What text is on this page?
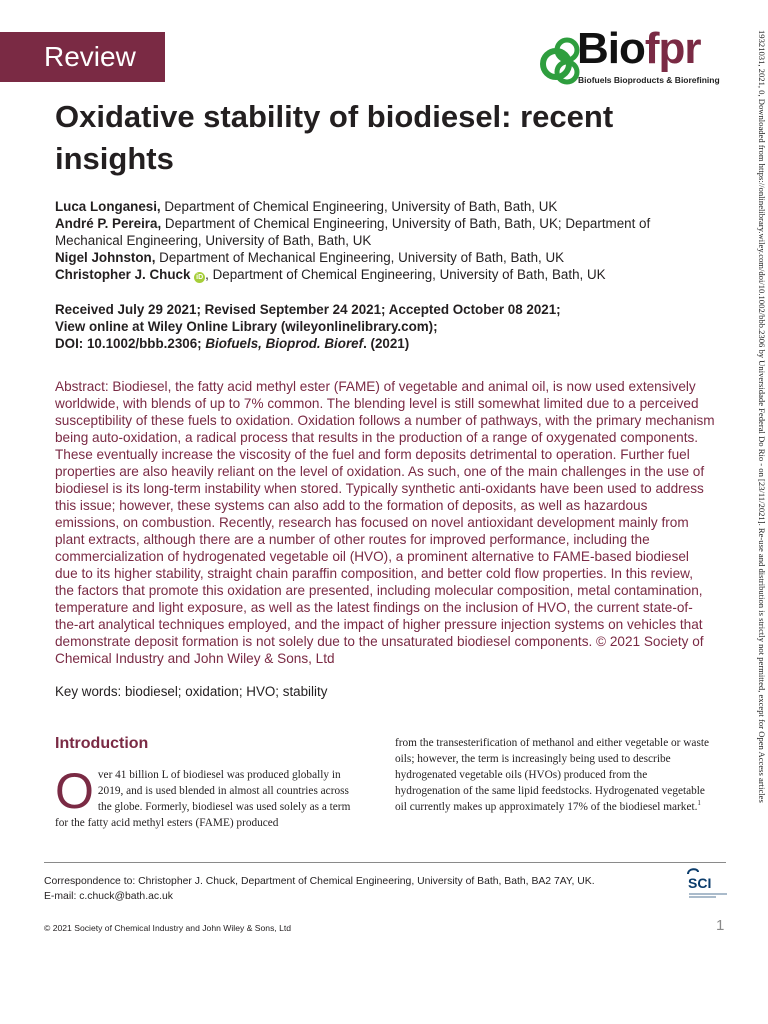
Review	Biofpr
Biofuels Bioproducts & Biorefining	19321031, 2021, 0, Downloaded from https://onlinelibrary.wiley.com/doi/10.1002/bbb.2306 by Universidade Federal Do Rio - on [23/11/2021]. Re-use and distribution is strictly not permitted, except for Open Access articles
Oxidative stability of biodiesel: recent insights
Luca Longanesi, Department of Chemical Engineering, University of Bath, Bath, UK
André P. Pereira, Department of Chemical Engineering, University of Bath, Bath, UK; Department of Mechanical Engineering, University of Bath, Bath, UK
Nigel Johnston, Department of Mechanical Engineering, University of Bath, Bath, UK
Christopher J. Chuck iD , Department of Chemical Engineering, University of Bath, Bath, UK
Received July 29 2021; Revised September 24 2021; Accepted October 08 2021;
View online at Wiley Online Library (wileyonlinelibrary.com);
DOI: 10.1002/bbb.2306; Biofuels, Bioprod. Bioref. (2021)

Abstract: Biodiesel, the fatty acid methyl ester (FAME) of vegetable and animal oil, is now used extensively worldwide, with blends of up to 7% common. The blending level is still somewhat limited due to a perceived susceptibility of these fuels to oxidation. Oxidation follows a number of pathways, with the primary mechanism being auto-oxidation, a radical process that results in the production of a range of oxygenated components. These eventually increase the viscosity of the fuel and form deposits detrimental to operation. Further fuel properties are also heavily reliant on the level of oxidation. As such, one of the main challenges in the use of biodiesel is its long-term instability when stored. Typically synthetic anti-oxidants have been used to address this issue; however, these systems can also add to the formation of deposits, as well as hazardous emissions, on combustion. Recently, research has focused on novel antioxidant development mainly from plant extracts, although there are a number of other routes for improved performance, including the commercialization of hydrogenated vegetable oil (HVO), a prominent alternative to FAME-based biodiesel due to its higher stability, straight chain paraffin composition, and better cold flow properties. In this review, the factors that promote this oxidation are presented, including molecular composition, metal contamination, temperature and light exposure, as well as the latest findings on the inclusion of HVO, the current state-of-the-art analytical techniques employed, and the impact of higher pressure injection systems on vehicles that demonstrate deposit formation is not solely due to the unsaturated biodiesel components. © 2021 Society of Chemical Industry and John Wiley & Sons, Ltd

Key words: biodiesel; oxidation; HVO; stability

Introduction
Over 41 billion L of biodiesel was produced globally in 2019, and is used blended in almost all countries across the globe. Formerly, biodiesel was used solely as a term for the fatty acid methyl esters (FAME) produced
from the transesterification of methanol and either vegetable or waste oils; however, the term is increasingly being used to describe hydrogenated vegetable oils (HVOs) produced from the hydrogenation of the same lipid feedstocks. Hydrogenated vegetable oil currently makes up approximately 17% of the biodiesel market.$^1$
Correspondence to: Christopher J. Chuck, Department of Chemical Engineering, University of Bath, Bath, BA2 7AY, UK.
E-mail: c.chuck@bath.ac.uk
SCI
© 2021 Society of Chemical Industry and John Wiley & Sons, Ltd	1
